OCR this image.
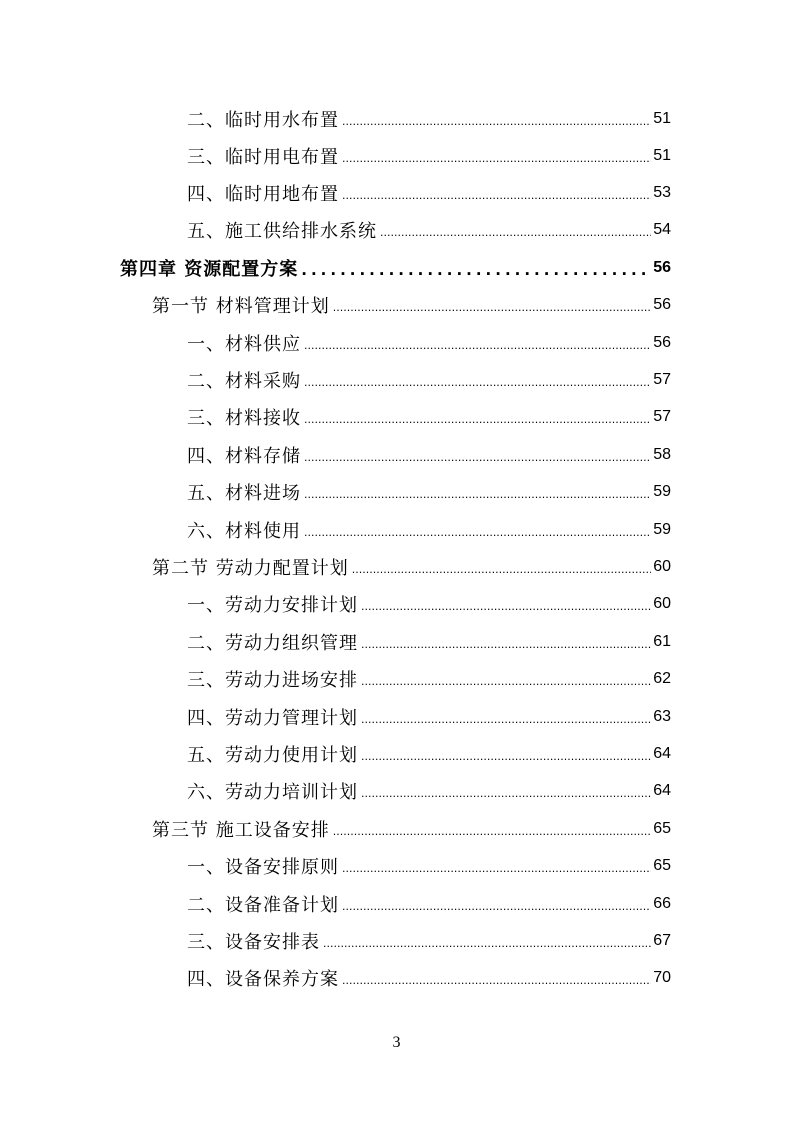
二、临时用水布置 .....	51
三、临时用电布置 .....	51
四、临时用地布置 .....	53
五、施工供给排水系统 .....	54
第四章 资源配置方案 .....	56
第一节 材料管理计划 .....	56
一、材料供应 .....	56
二、材料采购 .....	57
三、材料接收 .....	57
四、材料存储 .....	58
五、材料进场 .....	59
六、材料使用 .....	59
第二节 劳动力配置计划 .....	60
一、劳动力安排计划 .....	60
二、劳动力组织管理 .....	61
三、劳动力进场安排 .....	62
四、劳动力管理计划 .....	63
五、劳动力使用计划 .....	64
六、劳动力培训计划 .....	64
第三节 施工设备安排 .....	65
一、设备安排原则 .....	65
二、设备准备计划 .....	66
三、设备安排表 .....	67
四、设备保养方案 .....	70
3
